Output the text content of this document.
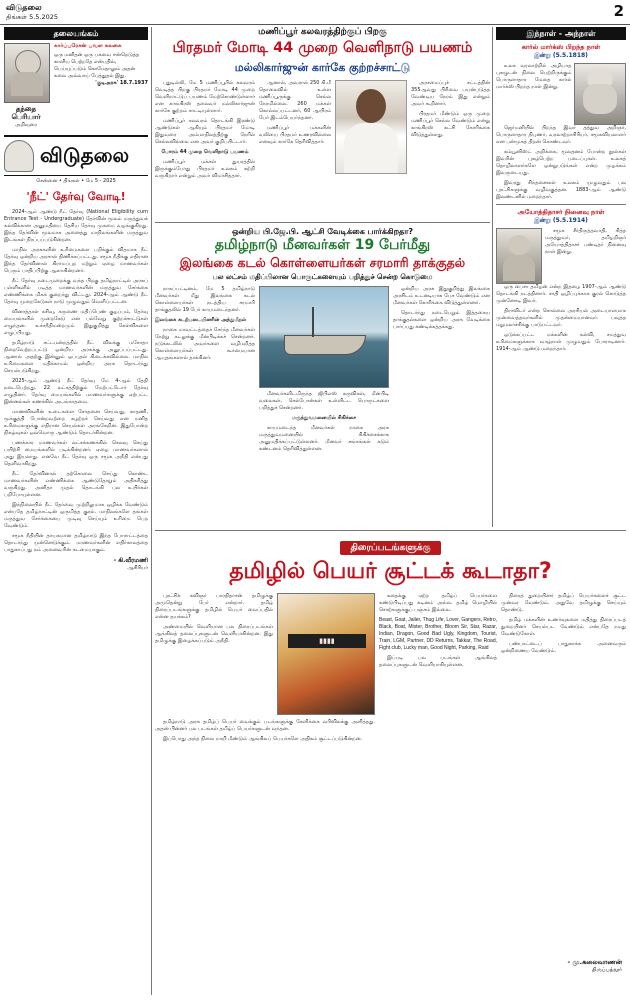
விடுதலை
திங்கள் 5.5.2025	2
தலையங்கம்
கார்ப்பரேசன் பவள கலகை
ஒரு மனிதன் ஒரு பசுவை ஈன்றெடுத்த காளிய பெற்றதே என்பதில், பெய்யுப்படும் கொமேதாலும் அதன் கலை அவ்வாய் பேத்துதல் இது.
'குடிஅரசு' 18.7.1937
தந்தை
பெரியார்
அறிவுரை
விடுதலை
சென்னை • திங்கள் • மே 5 - 2025
'நீட்' தேர்வு வோடி!

2024-ஆம் ஆண்டு நீட் தேர்வு (National Eligibility cum Entrance Test - Undergraduate) தேர்வின் மூலம் மருத்துவக் கல்விக்கான அனுமதியை தேசிய தேர்வு முகமை வழங்குகிறது. இந்த தேர்வின் மூலமாக அனைத்து மாநிலங்களின் மருத்துவ இடங்கள் நிரப்பப்படுகின்றன.

மாநில அரசுகளின் உரிமைகளை பறிக்கும் விதமாக நீட் தேர்வு ஒன்றிய அரசால் திணிக்கப்பட்டது. சமூக நீதிக்கு எதிரான இந்த தேர்வினால் கிராமப்புற மற்றும் ஏழை மாணவர்கள் பெரும் பாதிப்பிற்கு ஆளாகின்றனர்.

நீட் தேர்வு நடைமுறைக்கு வந்த பிறகு தமிழ்நாட்டில் அரசுப் பள்ளிகளில் படித்த மாணவர்களின் மருத்துவ சேர்க்கை எண்ணிக்கை மிகக் குறைந்து விட்டது. 2024-ஆம் ஆண்டு நீட் தேர்வு முறைகேடுகள் நாடு முழுவதும் வெளிப்பட்டன.

வினாத்தாள் கசிவு, கருணை மதிப்பெண் குழப்பம், தேர்வு மையங்களில் முறைகேடு என பல்வேறு குற்றச்சாட்டுகள் எழுந்தன. உச்சநீதிமன்றமும் இதுகுறித்து கேள்விகளை எழுப்பியது.

தமிழ்நாடு சட்டமன்றத்தில் நீட் விலக்கு மசோதா நிறைவேற்றப்பட்டு ஒன்றிய அரசுக்கு அனுப்பப்பட்டது. ஆனால் அதற்கு இன்னும் ஒப்புதல் கிடைக்கவில்லை. மாநில உரிமைகளை மதிக்காமல் ஒன்றிய அரசு தொடர்ந்து செயல்படுகிறது.

2025-ஆம் ஆண்டு நீட் தேர்வு மே 4-ஆம் தேதி நடைபெற்றது. 22 லட்சத்திற்கும் மேற்பட்டோர் தேர்வு எழுதினர். தேர்வு மையங்களில் மாணவர்களுக்கு ஏற்பட்ட இன்னல்கள் கணக்கில் அடங்காதவை.

மாணவிகளின் உடைகளை சோதனை செய்வது, காதணி, மூக்குத்தி போன்றவற்றை கழற்றச் செய்வது என மனித உரிமைகளுக்கு எதிரான செயல்கள் அரங்கேறின. இதுபோன்ற நிகழ்வுகள் ஒவ்வொரு ஆண்டும் தொடர்கின்றன.

பணக்கார மாணவர்கள் லட்சக்கணக்கில் செலவு செய்து பயிற்சி மையங்களில் படிக்கின்றனர். ஏழை மாணவர்களால் அது இயலாது. எனவே நீட் தேர்வு ஒரு சமூக அநீதி என்பது தெளிவாகிறது.

நீட் தேர்வினால் தற்கொலை செய்து கொண்ட மாணவர்களின் எண்ணிக்கை ஆண்டுதோறும் அதிகரித்து வருகிறது. அனிதா முதல் தொடங்கி பல உயிர்கள் பறிபோயுள்ளன.

இந்நிலையில் நீட் தேர்வை முற்றிலுமாக ஒழிக்க வேண்டும் என்பதே தமிழ்நாட்டின் ஒருமித்த குரல். மாநிலங்களே தங்கள் மருத்துவ சேர்க்கையை முடிவு செய்யும் உரிமை பெற வேண்டும்.

சமூக நீதியின் தாயகமான தமிழ்நாடு இந்த போராட்டத்தை தொடர்ந்து முன்னெடுக்கும். மாணவர்களின் எதிர்காலத்தை பாதுகாப்பது நம் அனைவரின் கடமையாகும்.

- கி.வீரமணி
ஆசிரியர்
மணிப்பூர் கலவரத்திற்குப் பிறகு
பிரதமர் மோடி 44 முறை வெளிநாடு பயணம்
மல்லிகார்ஜுன் கார்கே குற்றச்சாட்டு

புதுடில்லி, மே 5 மணிப்பூரில் கலவரம் வெடித்த பிறகு பிரதமர் மோடி 44 முறை வெளிநாட்டுப் பயணம் மேற்கொண்டுள்ளார் என காங்கிரஸ் தலைவர் மல்லிகார்ஜுன் கார்கே குற்றம் சாட்டியுள்ளார்.

மணிப்பூர் கலவரம் தொடங்கி இரண்டு ஆண்டுகள் ஆகியும் பிரதமர் மோடி இதுவரை அம்மாநிலத்திற்கு நேரில் செல்லவில்லை என அவர் குறிப்பிட்டார்.

போரம் 44 முறை வெளிநாடு பயணம்

மணிப்பூர் மக்கள் துயரத்தில் இருக்கும்போது பிரதமர் உலகம் சுற்றி வருகிறார் என்றும் அவர் விமர்சித்தார்.

ஆனால், அவரால் 250 கி.மீ தொலைவில் உள்ள மணிப்பூருக்கு செல்ல நேரமில்லை. 260 மக்கள் கொல்லப்பட்டனர், 60 ஆயிரம் பேர் இடம்பெயர்ந்தனர்.

மணிப்பூர் மக்களின் வலியை பிரதமர் உணரவில்லை எனவும் கார்கே தெரிவித்தார்.

அரசமைப்புச் சட்டத்தின் 355ஆவது பிரிவை பயன்படுத்த வேண்டிய நேரம் இது என்றும் அவர் கூறினார்.

பிரதமர் மீண்டும் ஒரு முறை மணிப்பூர் செல்ல வேண்டும் என்று காங்கிரஸ் கட்சி கோரிக்கை விடுத்துள்ளது.

ஒன்றிய பி.ஜே.பி. ஆட்சி வேடிக்கை பார்க்கிறதா?
தமிழ்நாடு மீனவர்கள் 19 பேர்மீது
இலங்கை கடல் கொள்ளையர்கள் சரமாரி தாக்குதல்
பல லட்சம் மதிப்பிலான பொருட்களையும் பறித்துச் சென்ற கொடுமை

நாகப்பட்டினம், மே 5 தமிழ்நாடு மீனவர்கள் மீது இலங்கை கடல் கொள்ளையர்கள் நடத்திய சரமாரி தாக்குதலில் 19 பேர் காயமடைந்தனர்.

இலங்கை கடற்படையினரின் அத்துமீறல்

நாகை மாவட்டத்தைச் சேர்ந்த மீனவர்கள் நேற்று கடலுக்கு மீன்பிடிக்கச் சென்றனர். நடுக்கடலில் அவர்களை வழிமறித்த கொள்ளையர்கள் கூர்மையான ஆயுதங்களால் தாக்கினர்.

மீனவர்களிடமிருந்த ஜிபிஎஸ் கருவிகள், மீன்பிடி வலைகள், செல்போன்கள் உள்ளிட்ட பொருட்களை பறித்துச் சென்றனர்.

மருத்துவமனையில் சிகிச்சை

காயமடைந்த மீனவர்கள் நாகை அரசு மருத்துவமனையில் சிகிச்சைக்காக அனுமதிக்கப்பட்டுள்ளனர். மீனவர் சங்கங்கள் கடும் கண்டனம் தெரிவித்துள்ளன.

ஒன்றிய அரசு இதுகுறித்து இலங்கை அரசிடம் உடனடியாக பேச வேண்டும் என மீனவர்கள் கோரிக்கை விடுத்துள்ளனர்.

தொடர்ந்து நடைபெறும் இத்தகைய தாக்குதல்களை ஒன்றிய அரசு வேடிக்கை பார்ப்பது கண்டிக்கத்தக்கது.

இந்நாள் - அந்நாள்
கார்ல் மார்க்ஸ் பிறந்த நாள்
இன்று (5.5.1818)

உலக வரலாற்றில் அழியாத புகழுடன் நிலை பெற்றிருக்கும் பொருளாதார மேதை கார்ல் மார்க்ஸ் பிறந்த நாள் இன்று.

ஜெர்மனியில் பிறந்த இவர் தத்துவ அறிஞர், பொருளாதார நிபுணர், வரலாற்றாசிரியர், சமூகவியலாளர் என பன்முகத் திறன் கொண்டவர்.

கம்யூனிஸ்ட் அறிக்கை, மூலதனம் போன்ற நூல்கள் இவரின் புகழ்பெற்ற படைப்புகள். உலகத் தொழிலாளர்களே ஒன்றுபடுங்கள் என்ற முழக்கம் இவருடையது.

இவரது சிந்தனைகள் உலகம் முழுவதும் பல புரட்சிகளுக்கு வழிவகுத்தன. 1883-ஆம் ஆண்டு இலண்டனில் மறைந்தார்.

அயோத்திதாசர் நினைவு நாள்
இன்று (5.5.1914)

சமூக சீர்திருத்தவாதி, சித்த மருத்துவர், தமிழறிஞர் அயோத்திதாசர் பண்டிதர் நினைவு நாள் இன்று.

ஒரு பைசா தமிழன் என்ற இதழை 1907-ஆம் ஆண்டு தொடங்கி நடத்தினார். சாதி ஒழிப்புக்காக குரல் கொடுத்த முன்னோடி இவர்.

திராவிடர் என்ற சொல்லை அரசியல் அடையாளமாக முன்வைத்தவர்களில் முதன்மையானவர். பவுத்த மறுமலர்ச்சிக்கு பாடுபட்டவர்.

ஒடுக்கப்பட்ட மக்களின் கல்வி, சமத்துவ உரிமைகளுக்காக வாழ்நாள் முழுவதும் போராடினார். 1914-ஆம் ஆண்டு மறைந்தார்.

திரைப்படங்களுக்கு
தமிழில் பெயர் சூட்டக் கூடாதா?

புரட்சிக் கவிஞர் பாரதிதாசன் தமிழுக்கு அமுதென்று பேர் என்றார். தமிழ் திரைப்படங்களுக்கு தமிழில் பெயர் வைப்பதில் என்ன தயக்கம்?

அண்மையில் வெளியான பல திரைப்படங்கள் ஆங்கிலத் தலைப்புகளுடன் வெளியாகின்றன. இது தமிழுக்கு இழைக்கப்படும் அநீதி.	▮▮▮▮

கதைக்கு ஏற்ற தமிழ்ப் பெயர்களை கண்டுபிடிப்பது கடினம் அல்ல. தமிழ் மொழியில் சொற்களுக்குப் பஞ்சம் இல்லை.

Beast, Goat, Jailer, Thug Life, Lover, Gangers, Retro, Black, Boat, Mister, Brother, Bloom Sir, Star, Razar, Indian, Dragon, Good Bad Ugly, Kingdom, Tourist, Train, LGM, Partner, DD Returns, Takkar, The Road, Fight club, Lucky man, Good Night, Parking, Raid

இப்படி பல படங்கள் ஆங்கிலத் தலைப்புகளுடன் வெளியாகியுள்ளன.

திரைத் துறையினர் தமிழ்ப் பெயர்களைச் சூட்ட முன்வர வேண்டும். அதுவே தமிழுக்கு செய்யும் தொண்டு.

தமிழ் மக்களின் உணர்வுகளை மதித்து திரைப்படத் துறையினர் செயல்பட வேண்டும் என்பதே நமது வேண்டுகோள்.

பண்பாட்டைப் பாதுகாக்க அனைவரும் ஒன்றிணைய வேண்டும்.

தமிழ்நாடு அரசு தமிழ்ப் பெயர் வைக்கும் படங்களுக்கு கேளிக்கை வரிவிலக்கு அளித்தது. அதன் பின்னர் பல படங்கள் தமிழ்ப் பெயர்களுடன் வந்தன.

இப்போது அந்த நிலை மாறி மீண்டும் ஆங்கிலப் பெயர்களே அதிகம் சூட்டப்படுகின்றன.

- மு.கலைவாணன்
திருப்பத்தூர்
